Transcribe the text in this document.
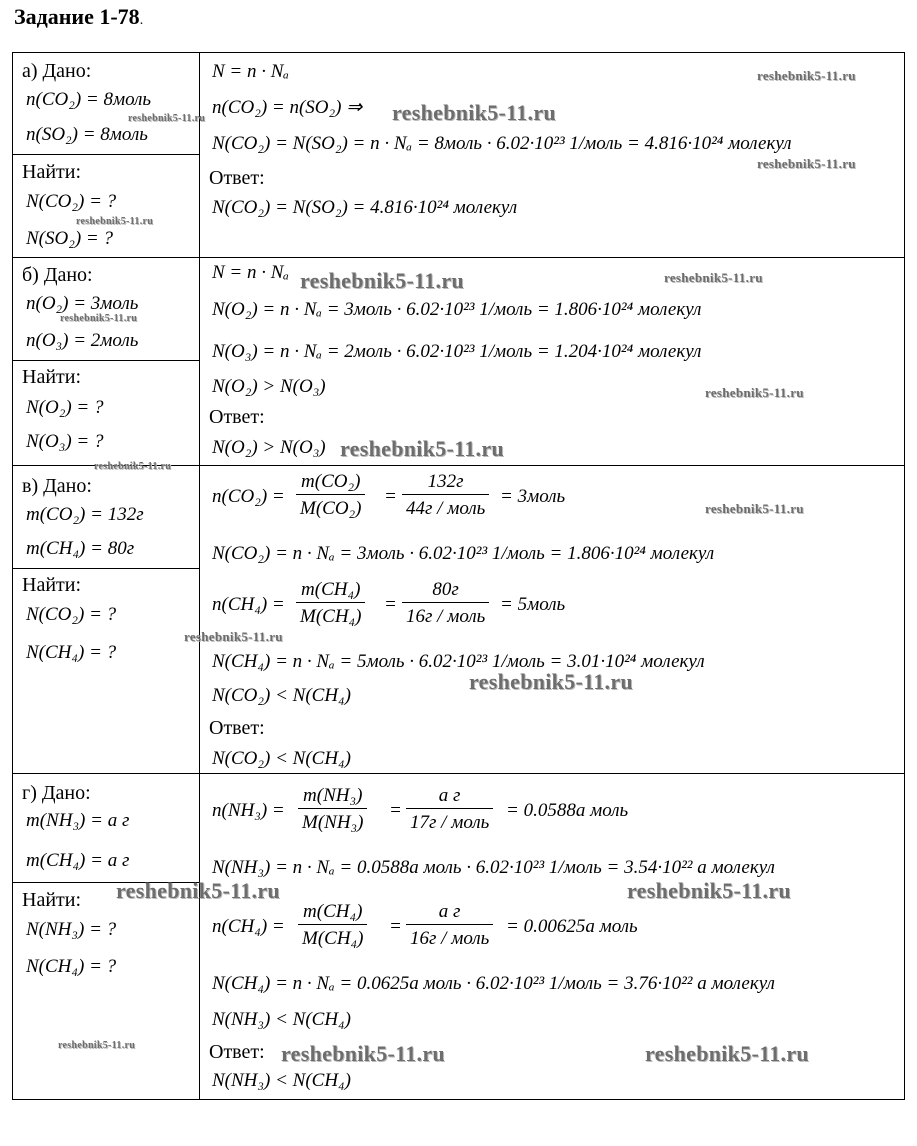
Задание 1-78.
а) Дано:
n(CO₂) = 8моль
n(SO₂) = 8моль
Найти:
N(CO₂) = ?
N(SO₂) = ?
N = n · Nₐ
n(CO₂) = n(SO₂) ⇒
N(CO₂) = N(SO₂) = n · Nₐ = 8моль · 6.02·10²³ 1/моль = 4.816·10²⁴ молекул
Ответ:
N(CO₂) = N(SO₂) = 4.816·10²⁴ молекул
б) Дано:
n(O₂) = 3моль
n(O₃) = 2моль
Найти:
N(O₂) = ?
N(O₃) = ?
N = n · Nₐ
N(O₂) = n · Nₐ = 3моль · 6.02·10²³ 1/моль = 1.806·10²⁴ молекул
N(O₃) = n · Nₐ = 2моль · 6.02·10²³ 1/моль = 1.204·10²⁴ молекул
N(O₂) > N(O₃)
Ответ:
N(O₂) > N(O₃)
в) Дано:
m(CO₂) = 132г
m(CH₄) = 80г
Найти:
N(CO₂) = ?
N(CH₄) = ?
$n(CO_2) = \frac{\text{m(CO₂)}}{\text{M(CO₂)}}$ =
132г
44г / моль
= 3моль
N(CO₂) = n · Nₐ = 3моль · 6.02·10²³ 1/моль = 1.806·10²⁴ молекул
$n(CH_4) = \frac{\text{m(CH₄)}}{\text{M(CH₄)}}$ =
80г
16г / моль
= 5моль
N(CH₄) = n · Nₐ = 5моль · 6.02·10²³ 1/моль = 3.01·10²⁴ молекул
N(CO₂) < N(CH₄)
Ответ:
N(CO₂) < N(CH₄)
г) Дано:
m(NH₃) = a г
m(CH₄) = a г
Найти:
N(NH₃) = ?
N(CH₄) = ?
$n(NH_3) = \frac{\text{m(NH₃)}}{\text{M(NH₃)}}$ =
a г
17г / моль
= 0.0588a моль
N(NH₃) = n · Nₐ = 0.0588a моль · 6.02·10²³ 1/моль = 3.54·10²² a молекул
$n(CH_4) = \frac{\text{m(CH₄)}}{\text{M(CH₄)}}$ =
a г
16г / моль
= 0.00625a моль
N(CH₄) = n · Nₐ = 0.0625a моль · 6.02·10²³ 1/моль = 3.76·10²² a молекул
N(NH₃) < N(CH₄)
Ответ:
N(NH₃) < N(CH₄)
reshebnik5-11.ru
reshebnik5-11.ru
reshebnik5-11.ru
reshebnik5-11.ru
reshebnik5-11.ru
reshebnik5-11.ru	reshebnik5-11.ru
reshebnik5-11.ru
reshebnik5-11.ru
reshebnik5-11.ru
reshebnik5-11.ru
reshebnik5-11.ru
reshebnik5-11.ru
reshebnik5-11.ru
reshebnik5-11.ru	reshebnik5-11.ru
reshebnik5-11.ru	reshebnik5-11.ru	reshebnik5-11.ru
